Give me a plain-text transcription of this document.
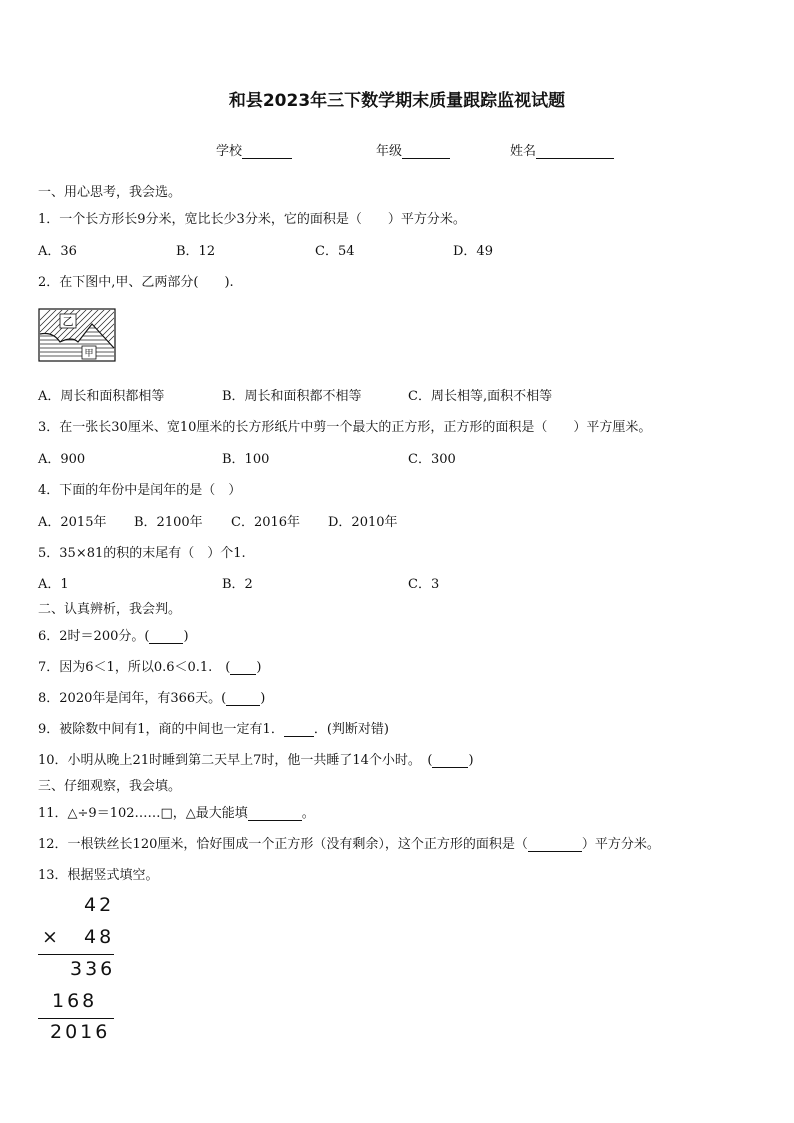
和县2023年三下数学期末质量跟踪监视试题
学校	年级	姓名
一、用心思考，我会选。
1．一个长方形长9分米，宽比长少3分米，它的面积是（　　）平方分米。
A．36	B．12	C．54	D．49
2．在下图中,甲、乙两部分(　　).
乙
甲
A．周长和面积都相等	B．周长和面积都不相等	C．周长相等,面积不相等
3．在一张长30厘米、宽10厘米的长方形纸片中剪一个最大的正方形，正方形的面积是（　　）平方厘米。
A．900	B．100	C．300
4．下面的年份中是闰年的是（　）
A．2015年 B．2100年 C．2016年 D．2010年
5．35×81的积的末尾有（　）个1.
A．1	B．2	C．3
二、认真辨析，我会判。
6．2时＝200分。(	)
7．因为6＜1，所以0.6＜0.1.　( )
8．2020年是闰年，有366天。(	)
9．被除数中间有1，商的中间也一定有1． ．(判断对错)
10．小明从晚上21时睡到第二天早上7时，他一共睡了14个小时。　(	)
三、仔细观察，我会填。
11．△÷9＝102……□，△最大能填	。
12．一根铁丝长120厘米，恰好围成一个正方形（没有剩余），这个正方形的面积是（	）平方分米。
13．根据竖式填空。
42
× 48
336
168
2016
